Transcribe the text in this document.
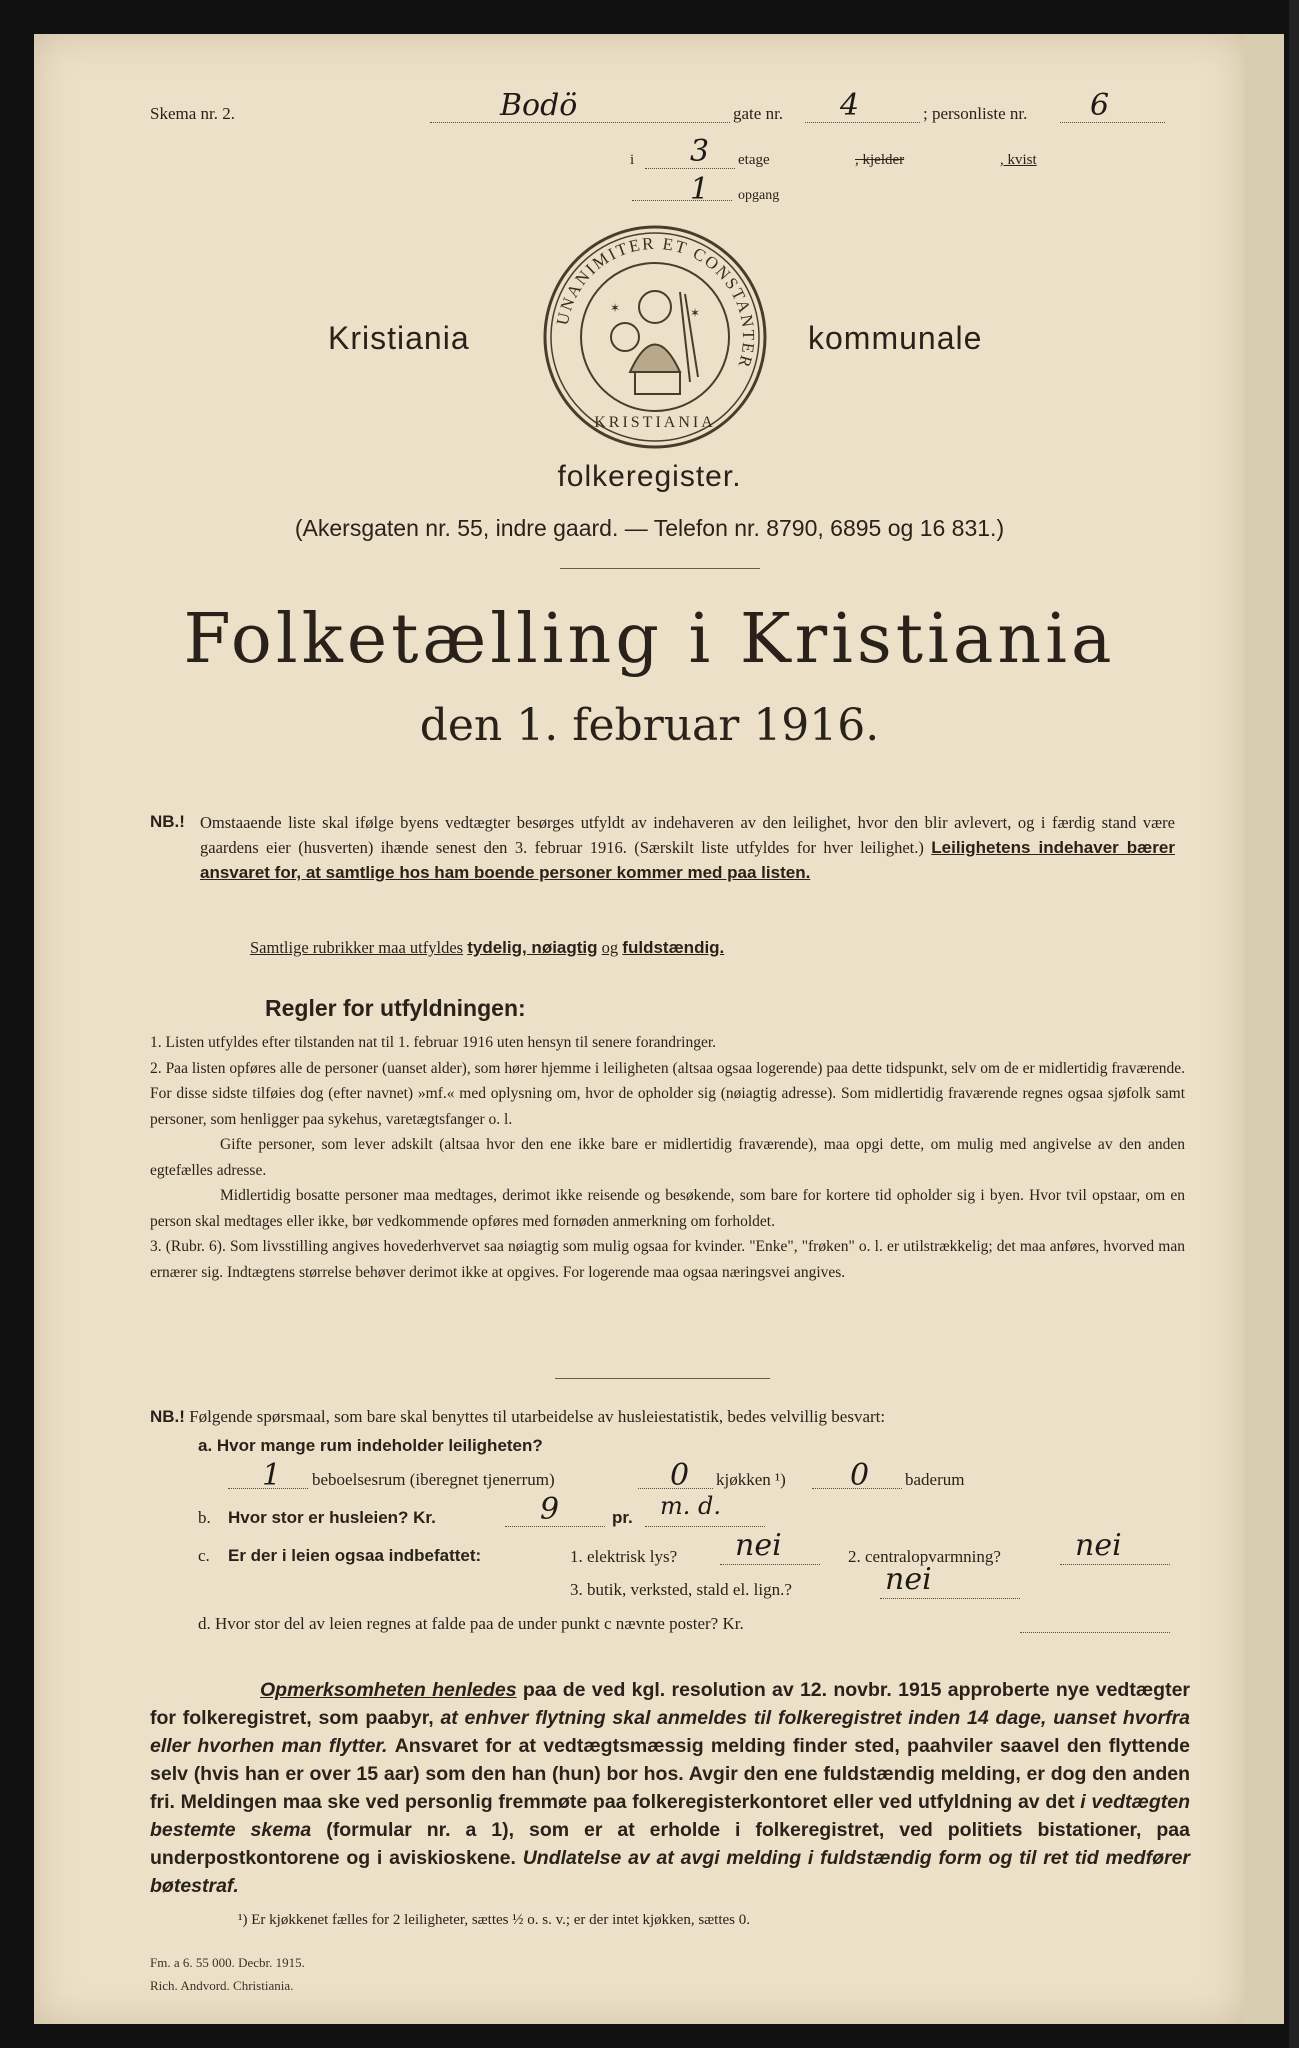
Skema nr. 2.	Bodö	gate nr. 4	; personliste nr. 6
i 3 etage	, kjelder	, kvist
1 opgang
Kristiania	kommunale
UNANIMITER ET CONSTANTER
KRISTIANIA
✶	✶
folkeregister.
(Akersgaten nr. 55, indre gaard. — Telefon nr. 8790, 6895 og 16 831.)
Folketælling i Kristiania
den 1. februar 1916.
NB.! Omstaaende liste skal ifølge byens vedtægter besørges utfyldt av indehaveren av den leilighet, hvor den blir avlevert, og i færdig stand være gaardens eier (husverten) ihænde senest den 3. februar 1916. (Særskilt liste utfyldes for hver leilighet.) Leilighetens indehaver bærer ansvaret for, at samtlige hos ham boende personer kommer med paa listen.
Samtlige rubrikker maa utfyldes tydelig, nøiagtig og fuldstændig.
Regler for utfyldningen:
1. Listen utfyldes efter tilstanden nat til 1. februar 1916 uten hensyn til senere forandringer.
2. Paa listen opføres alle de personer (uanset alder), som hører hjemme i leiligheten (altsaa ogsaa logerende) paa dette tidspunkt, selv om de er midlertidig fraværende. For disse sidste tilføies dog (efter navnet) »mf.« med oplysning om, hvor de opholder sig (nøiagtig adresse). Som midlertidig fraværende regnes ogsaa sjøfolk samt personer, som henligger paa sykehus, varetægtsfanger o. l.
Gifte personer, som lever adskilt (altsaa hvor den ene ikke bare er midlertidig fraværende), maa opgi dette, om mulig med angivelse av den anden egtefælles adresse.
Midlertidig bosatte personer maa medtages, derimot ikke reisende og besøkende, som bare for kortere tid opholder sig i byen. Hvor tvil opstaar, om en person skal medtages eller ikke, bør vedkommende opføres med fornøden anmerkning om forholdet.
3. (Rubr. 6). Som livsstilling angives hovederhvervet saa nøiagtig som mulig ogsaa for kvinder. "Enke", "frøken" o. l. er utilstrækkelig; det maa anføres, hvorved man ernærer sig. Indtægtens størrelse behøver derimot ikke at opgives. For logerende maa ogsaa næringsvei angives.
NB.! Følgende spørsmaal, som bare skal benyttes til utarbeidelse av husleiestatistik, bedes velvillig besvart:
a. Hvor mange rum indeholder leiligheten?
1 beboelsesrum (iberegnet tjenerrum)	0 kjøkken ¹) 0 baderum
b. Hvor stor er husleien? Kr.	9	pr. m. d.
c. Er der i leien ogsaa indbefattet:	1. elektrisk lys? nei	2. centralopvarmning? nei
3. butik, verksted, stald el. lign.?	nei
d. Hvor stor del av leien regnes at falde paa de under punkt c nævnte poster? Kr.
Opmerksomheten henledes paa de ved kgl. resolution av 12. novbr. 1915 approberte nye vedtægter for folkeregistret, som paabyr, at enhver flytning skal anmeldes til folkeregistret inden 14 dage, uanset hvorfra eller hvorhen man flytter. Ansvaret for at vedtægtsmæssig melding finder sted, paahviler saavel den flyttende selv (hvis han er over 15 aar) som den han (hun) bor hos. Avgir den ene fuldstændig melding, er dog den anden fri. Meldingen maa ske ved personlig fremmøte paa folkeregisterkontoret eller ved utfyldning av det i vedtægten bestemte skema (formular nr. a 1), som er at erholde i folkeregistret, ved politiets bistationer, paa underpostkontorene og i aviskioskene. Undlatelse av at avgi melding i fuldstændig form og til ret tid medfører bøtestraf.
¹) Er kjøkkenet fælles for 2 leiligheter, sættes ½ o. s. v.; er der intet kjøkken, sættes 0.
Fm. a 6. 55 000. Decbr. 1915.
Rich. Andvord. Christiania.
